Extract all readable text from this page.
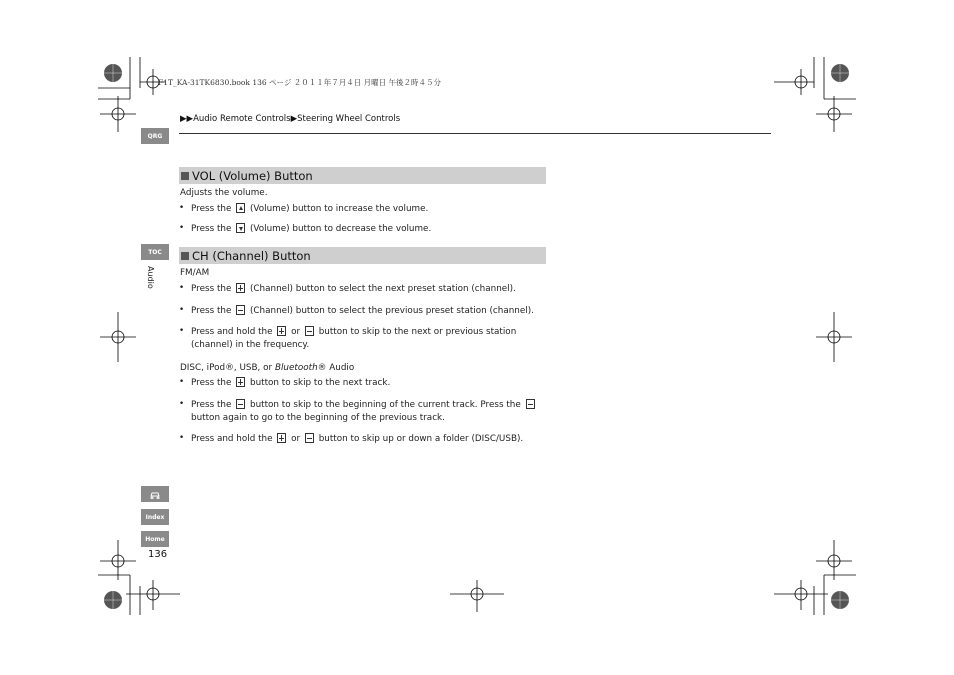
F1T_KA-31TK6830.book 136 ページ ２０１１年７月４日 月曜日 午後２時４５分
▶▶Audio Remote Controls▶Steering Wheel Controls
QRG
TOC
Audio
Index
Home
136
VOL (Volume) Button
Adjusts the volume.
• Press the (Volume) button to increase the volume.
• Press the (Volume) button to decrease the volume.
CH (Channel) Button
FM/AM
• Press the (Channel) button to select the next preset station (channel).
• Press the (Channel) button to select the previous preset station (channel).
• Press and hold the or button to skip to the next or previous station
(channel) in the frequency.
DISC, iPod®, USB, or Bluetooth® Audio
• Press the button to skip to the next track.
• Press the button to skip to the beginning of the current track. Press the
button again to go to the beginning of the previous track.
• Press and hold the or button to skip up or down a folder (DISC/USB).
